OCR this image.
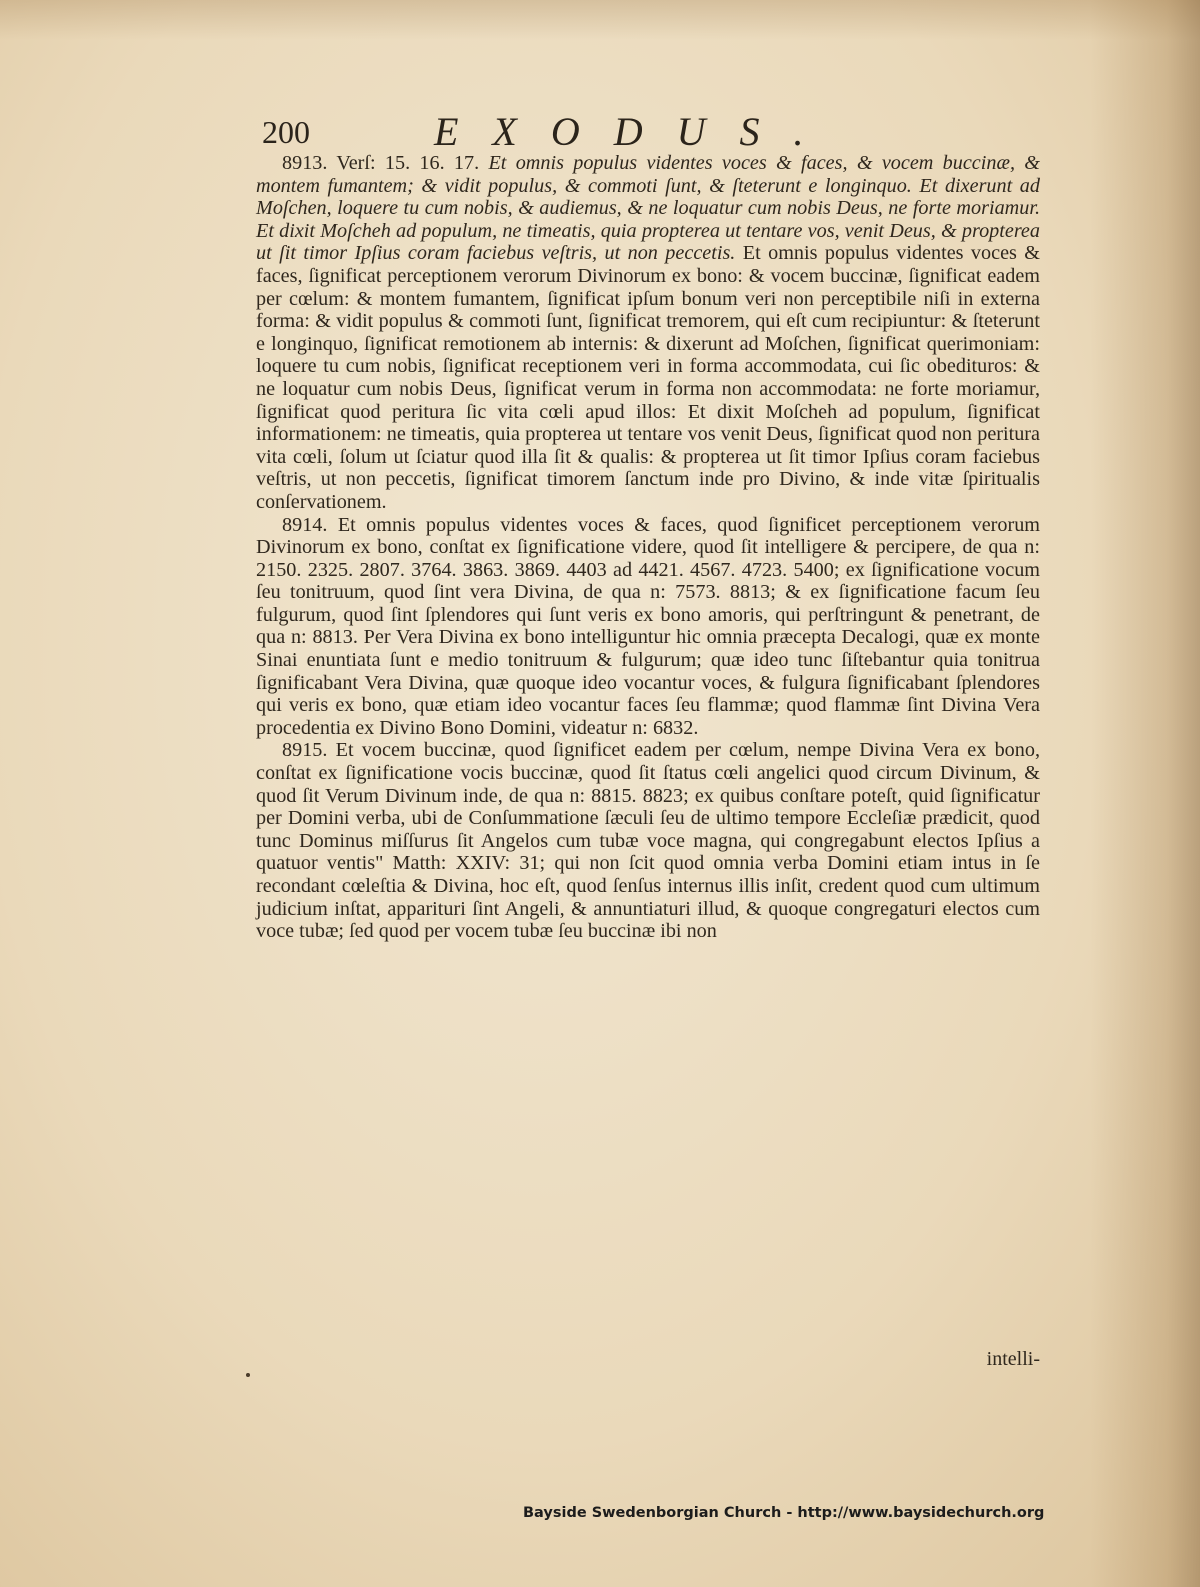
200	EXODUS.

8913. Verſ: 15. 16. 17. Et omnis populus videntes voces & faces, & vocem buccinæ, & montem fumantem; & vidit populus, & commoti ſunt, & ſteterunt e longinquo. Et dixerunt ad Moſchen, loquere tu cum nobis, & audiemus, & ne loquatur cum nobis Deus, ne forte moriamur. Et dixit Moſcheh ad populum, ne timeatis, quia propterea ut tentare vos, venit Deus, & propterea ut ſit timor Ipſius coram faciebus veſtris, ut non peccetis. Et omnis populus videntes voces & faces, ſignificat perceptionem verorum Divinorum ex bono: & vocem buccinæ, ſignificat eadem per cœlum: & montem fumantem, ſignificat ipſum bonum veri non perceptibile niſi in externa forma: & vidit populus & commoti ſunt, ſignificat tremorem, qui eſt cum recipiuntur: & ſteterunt e longinquo, ſignificat remotionem ab internis: & dixerunt ad Moſchen, ſignificat querimoniam: loquere tu cum nobis, ſignificat receptionem veri in forma accommodata, cui ſic obedituros: & ne loquatur cum nobis Deus, ſignificat verum in forma non accommodata: ne forte moriamur, ſignificat quod peritura ſic vita cœli apud illos: Et dixit Moſcheh ad populum, ſignificat informationem: ne timeatis, quia propterea ut tentare vos venit Deus, ſignificat quod non peritura vita cœli, ſolum ut ſciatur quod illa ſit & qualis: & propterea ut ſit timor Ipſius coram faciebus veſtris, ut non peccetis, ſignificat timorem ſanctum inde pro Divino, & inde vitæ ſpiritualis conſervationem.

8914. Et omnis populus videntes voces & faces, quod ſignificet perceptionem verorum Divinorum ex bono, conſtat ex ſignificatione videre, quod ſit intelligere & percipere, de qua n: 2150. 2325. 2807. 3764. 3863. 3869. 4403 ad 4421. 4567. 4723. 5400; ex ſignificatione vocum ſeu tonitruum, quod ſint vera Divina, de qua n: 7573. 8813; & ex ſignificatione facum ſeu fulgurum, quod ſint ſplendores qui ſunt veris ex bono amoris, qui perſtringunt & penetrant, de qua n: 8813. Per Vera Divina ex bono intelliguntur hic omnia præcepta Decalogi, quæ ex monte Sinai enuntiata ſunt e medio tonitruum & fulgurum; quæ ideo tunc ſiſtebantur quia tonitrua ſignificabant Vera Divina, quæ quoque ideo vocantur voces, & fulgura ſignificabant ſplendores qui veris ex bono, quæ etiam ideo vocantur faces ſeu flammæ; quod flammæ ſint Divina Vera procedentia ex Divino Bono Domini, videatur n: 6832.

8915. Et vocem buccinæ, quod ſignificet eadem per cœlum, nempe Divina Vera ex bono, conſtat ex ſignificatione vocis buccinæ, quod ſit ſtatus cœli angelici quod circum Divinum, & quod ſit Verum Divinum inde, de qua n: 8815. 8823; ex quibus conſtare poteſt, quid ſignificatur per Domini verba, ubi de Conſummatione ſæculi ſeu de ultimo tempore Eccleſiæ prædicit, quod tunc Dominus miſſurus ſit Angelos cum tubæ voce magna, qui congregabunt electos Ipſius a quatuor ventis" Matth: XXIV: 31; qui non ſcit quod omnia verba Domini etiam intus in ſe recondant cœleſtia & Divina, hoc eſt, quod ſenſus internus illis inſit, credent quod cum ultimum judicium inſtat, apparituri ſint Angeli, & annuntiaturi illud, & quoque congregaturi electos cum voce tubæ; ſed quod per vocem tubæ ſeu buccinæ ibi non

intelli-
Bayside Swedenborgian Church - http://www.baysidechurch.org
